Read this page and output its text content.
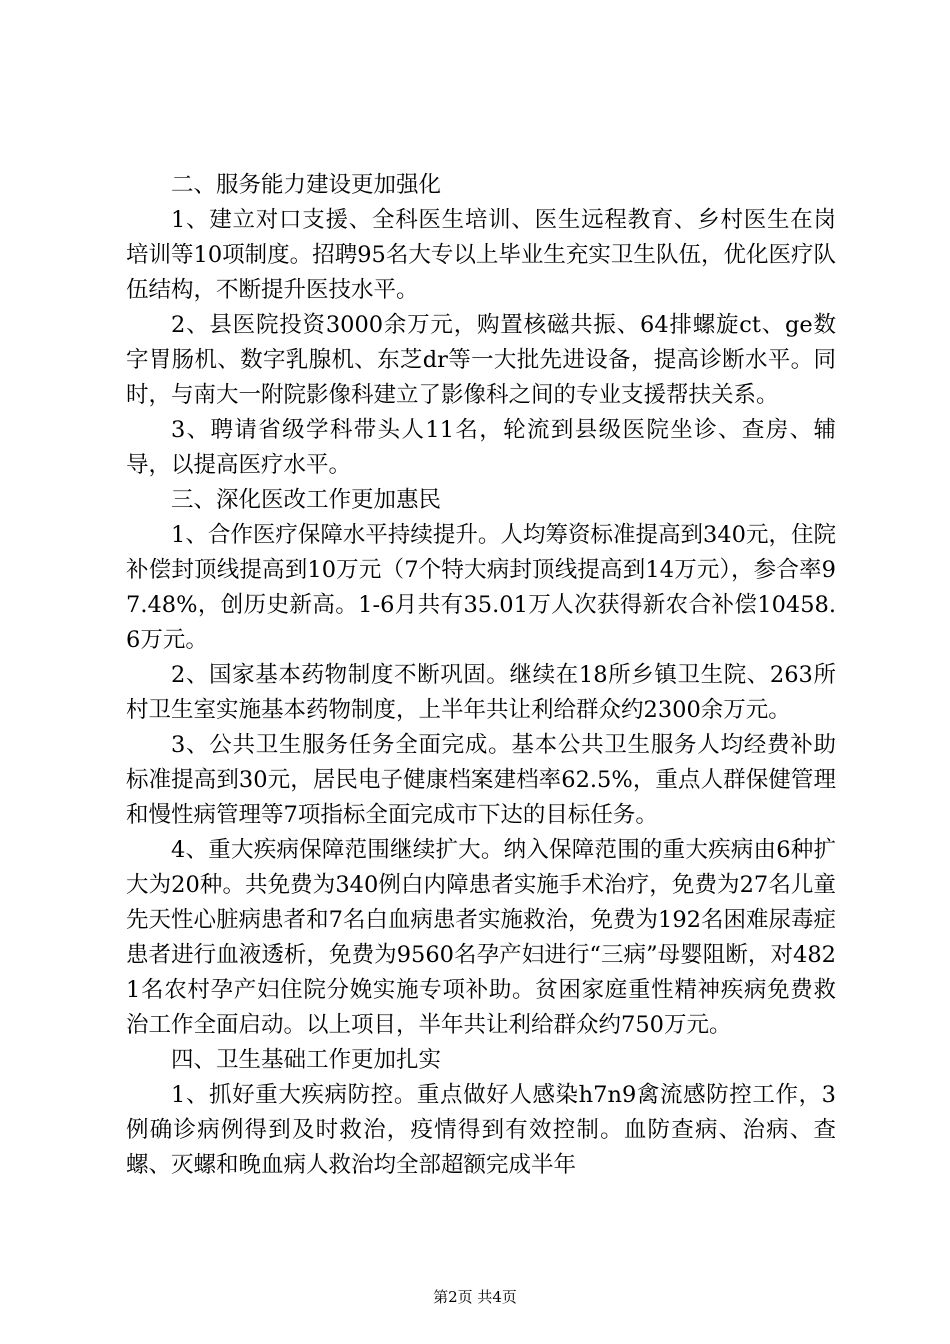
二、服务能力建设更加强化

1、建立对口支援、全科医生培训、医生远程教育、乡村医生在岗培训等10项制度。招聘95名大专以上毕业生充实卫生队伍，优化医疗队伍结构，不断提升医技水平。

2、县医院投资3000余万元，购置核磁共振、64排螺旋ct、ge数字胃肠机、数字乳腺机、东芝dr等一大批先进设备，提高诊断水平。同时，与南大一附院影像科建立了影像科之间的专业支援帮扶关系。

3、聘请省级学科带头人11名，轮流到县级医院坐诊、查房、辅导，以提高医疗水平。

三、深化医改工作更加惠民

1、合作医疗保障水平持续提升。人均筹资标准提高到340元，住院补偿封顶线提高到10万元（7个特大病封顶线提高到14万元），参合率97.48%，创历史新高。1-6月共有35.01万人次获得新农合补偿10458.6万元。

2、国家基本药物制度不断巩固。继续在18所乡镇卫生院、263所村卫生室实施基本药物制度，上半年共让利给群众约2300余万元。

3、公共卫生服务任务全面完成。基本公共卫生服务人均经费补助标准提高到30元，居民电子健康档案建档率62.5%，重点人群保健管理和慢性病管理等7项指标全面完成市下达的目标任务。

4、重大疾病保障范围继续扩大。纳入保障范围的重大疾病由6种扩大为20种。共免费为340例白内障患者实施手术治疗，免费为27名儿童先天性心脏病患者和7名白血病患者实施救治，免费为192名困难尿毒症患者进行血液透析，免费为9560名孕产妇进行“三病”母婴阻断，对4821名农村孕产妇住院分娩实施专项补助。贫困家庭重性精神疾病免费救治工作全面启动。以上项目，半年共让利给群众约750万元。

四、卫生基础工作更加扎实

1、抓好重大疾病防控。重点做好人感染h7n9禽流感防控工作，3例确诊病例得到及时救治，疫情得到有效控制。血防查病、治病、查螺、灭螺和晚血病人救治均全部超额完成半年

第2页 共4页
